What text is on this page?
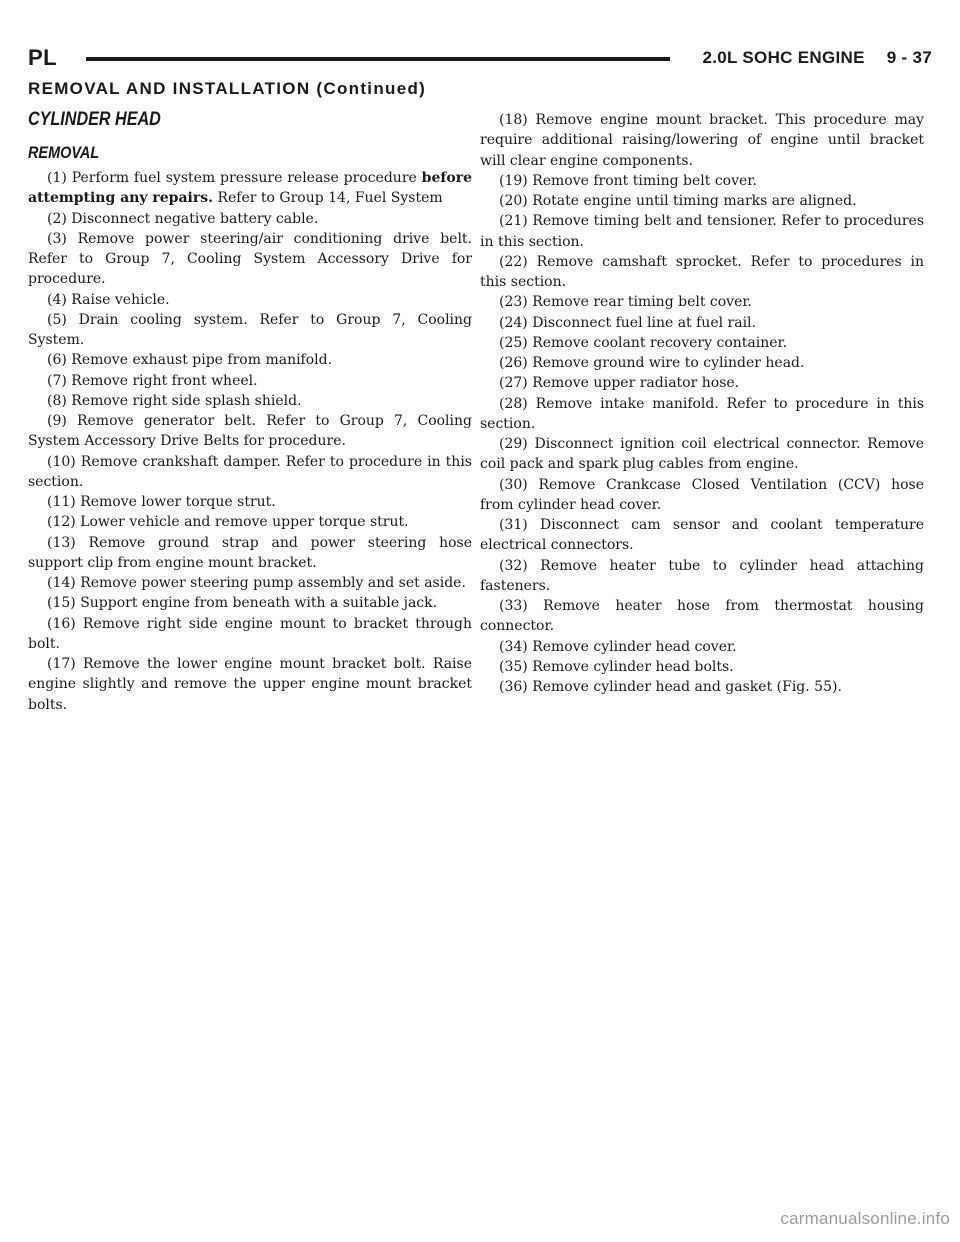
PL	2.0L SOHC ENGINE 9 - 37
REMOVAL AND INSTALLATION (Continued)
CYLINDER HEAD
REMOVAL

(1) Perform fuel system pressure release procedure before attempting any repairs. Refer to Group 14, Fuel System

(2) Disconnect negative battery cable.

(3) Remove power steering/air conditioning drive belt. Refer to Group 7, Cooling System Accessory Drive for procedure.

(4) Raise vehicle.

(5) Drain cooling system. Refer to Group 7, Cooling System.

(6) Remove exhaust pipe from manifold.

(7) Remove right front wheel.

(8) Remove right side splash shield.

(9) Remove generator belt. Refer to Group 7, Cooling System Accessory Drive Belts for procedure.

(10) Remove crankshaft damper. Refer to procedure in this section.

(11) Remove lower torque strut.

(12) Lower vehicle and remove upper torque strut.

(13) Remove ground strap and power steering hose support clip from engine mount bracket.

(14) Remove power steering pump assembly and set aside.

(15) Support engine from beneath with a suitable jack.

(16) Remove right side engine mount to bracket through bolt.

(17) Remove the lower engine mount bracket bolt. Raise engine slightly and remove the upper engine mount bracket bolts.

(18) Remove engine mount bracket. This procedure may require additional raising/lowering of engine until bracket will clear engine components.

(19) Remove front timing belt cover.

(20) Rotate engine until timing marks are aligned.

(21) Remove timing belt and tensioner. Refer to procedures in this section.

(22) Remove camshaft sprocket. Refer to procedures in this section.

(23) Remove rear timing belt cover.

(24) Disconnect fuel line at fuel rail.

(25) Remove coolant recovery container.

(26) Remove ground wire to cylinder head.

(27) Remove upper radiator hose.

(28) Remove intake manifold. Refer to procedure in this section.

(29) Disconnect ignition coil electrical connector. Remove coil pack and spark plug cables from engine.

(30) Remove Crankcase Closed Ventilation (CCV) hose from cylinder head cover.

(31) Disconnect cam sensor and coolant temperature electrical connectors.

(32) Remove heater tube to cylinder head attaching fasteners.

(33) Remove heater hose from thermostat housing connector.

(34) Remove cylinder head cover.

(35) Remove cylinder head bolts.

(36) Remove cylinder head and gasket (Fig. 55).

carmanualsonline.info
